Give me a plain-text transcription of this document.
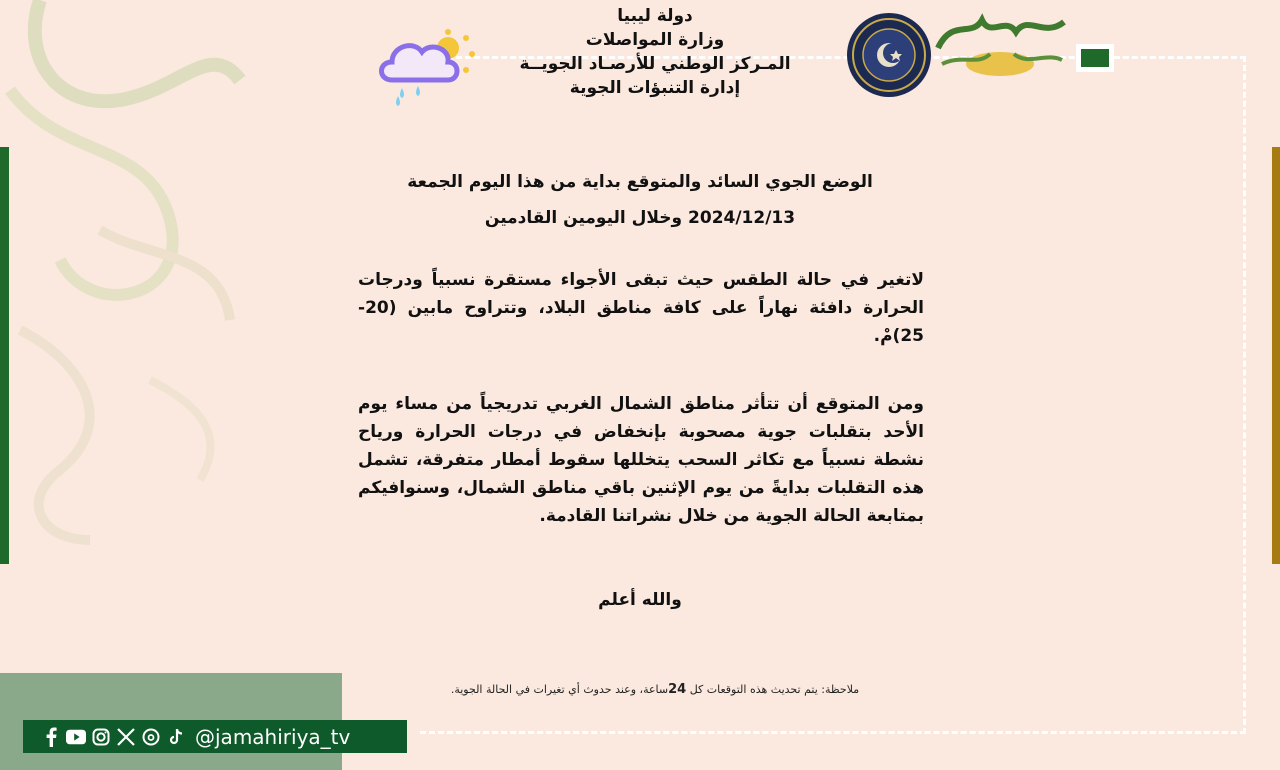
دولة ليبيا
وزارة المواصلات
المـركز الوطني للأرصـاد الجويــة
إدارة التنبؤات الجوية
الوضع الجوي السائد والمتوقع بداية من هذا اليوم الجمعة
2024/12/13 وخلال اليومين القادمين
لاتغير في حالة الطقس حيث تبقى الأجواء مستقرة نسبياً ودرجات الحرارة دافئة نهاراً على كافة مناطق البلاد، وتتراوح مابين (20-25)مْ.
ومن المتوقع أن تتأثر مناطق الشمال الغربي تدريجياً من مساء يوم الأحد بتقلبات جوية مصحوبة بإنخفاض في درجات الحرارة ورياح نشطة نسبياً مع تكاثر السحب يتخللها سقوط أمطار متفرقة، تشمل هذه التقلبات بدايةً من يوم الإثنين باقي مناطق الشمال، وسنوافيكم بمتابعة الحالة الجوية من خلال نشراتنا القادمة.
والله أعلم
ملاحظة: يتم تحديث هذه التوقعات كل 24ساعة، وعند حدوث أي تغيرات في الحالة الجوية.
@jamahiriya_tv
